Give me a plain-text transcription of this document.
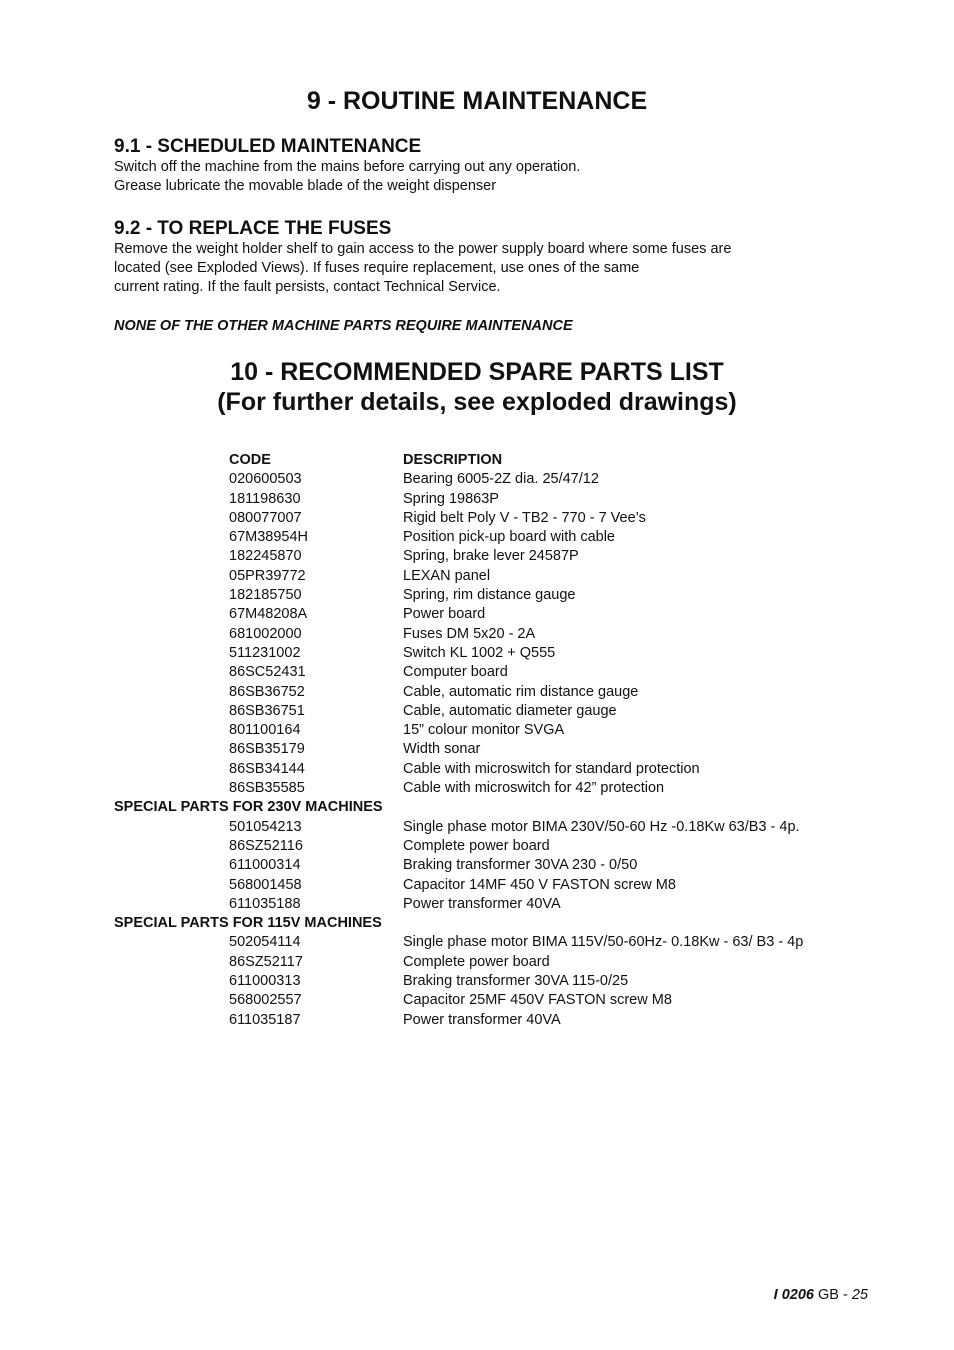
9 - ROUTINE MAINTENANCE
9.1 - SCHEDULED MAINTENANCE
Switch off the machine from the mains before carrying out any operation.
Grease lubricate the movable blade of the weight dispenser
9.2 - TO REPLACE THE FUSES
Remove the weight holder shelf to gain access to the power supply board where some fuses are
located (see Exploded Views). If fuses require replacement, use ones of the same
current rating. If the fault persists, contact Technical Service.
NONE OF THE OTHER MACHINE PARTS REQUIRE MAINTENANCE
10 - RECOMMENDED SPARE PARTS LIST
(For further details, see exploded drawings)
CODE	DESCRIPTION
020600503	Bearing 6005-2Z dia. 25/47/12
181198630	Spring 19863P
080077007	Rigid belt Poly V - TB2 - 770 - 7 Vee’s
67M38954H	Position pick-up board with cable
182245870	Spring, brake lever 24587P
05PR39772	LEXAN panel
182185750	Spring, rim distance gauge
67M48208A	Power board
681002000	Fuses DM 5x20 - 2A
511231002	Switch KL 1002 + Q555
86SC52431	Computer board
86SB36752	Cable, automatic rim distance gauge
86SB36751	Cable, automatic diameter gauge
801100164	15” colour monitor SVGA
86SB35179	Width sonar
86SB34144	Cable with microswitch for standard protection
86SB35585	Cable with microswitch for 42” protection
SPECIAL PARTS FOR 230V MACHINES
501054213	Single phase motor BIMA 230V/50-60 Hz -0.18Kw 63/B3 - 4p.
86SZ52116	Complete power board
611000314	Braking transformer 30VA 230 - 0/50
568001458	Capacitor 14MF 450 V FASTON screw M8
611035188	Power transformer 40VA
SPECIAL PARTS FOR 115V MACHINES
502054114	Single phase motor BIMA 115V/50-60Hz- 0.18Kw - 63/ B3 - 4p
86SZ52117	Complete power board
611000313	Braking transformer 30VA 115-0/25
568002557	Capacitor 25MF 450V FASTON screw M8
611035187	Power transformer 40VA
I 0206 GB - 25
